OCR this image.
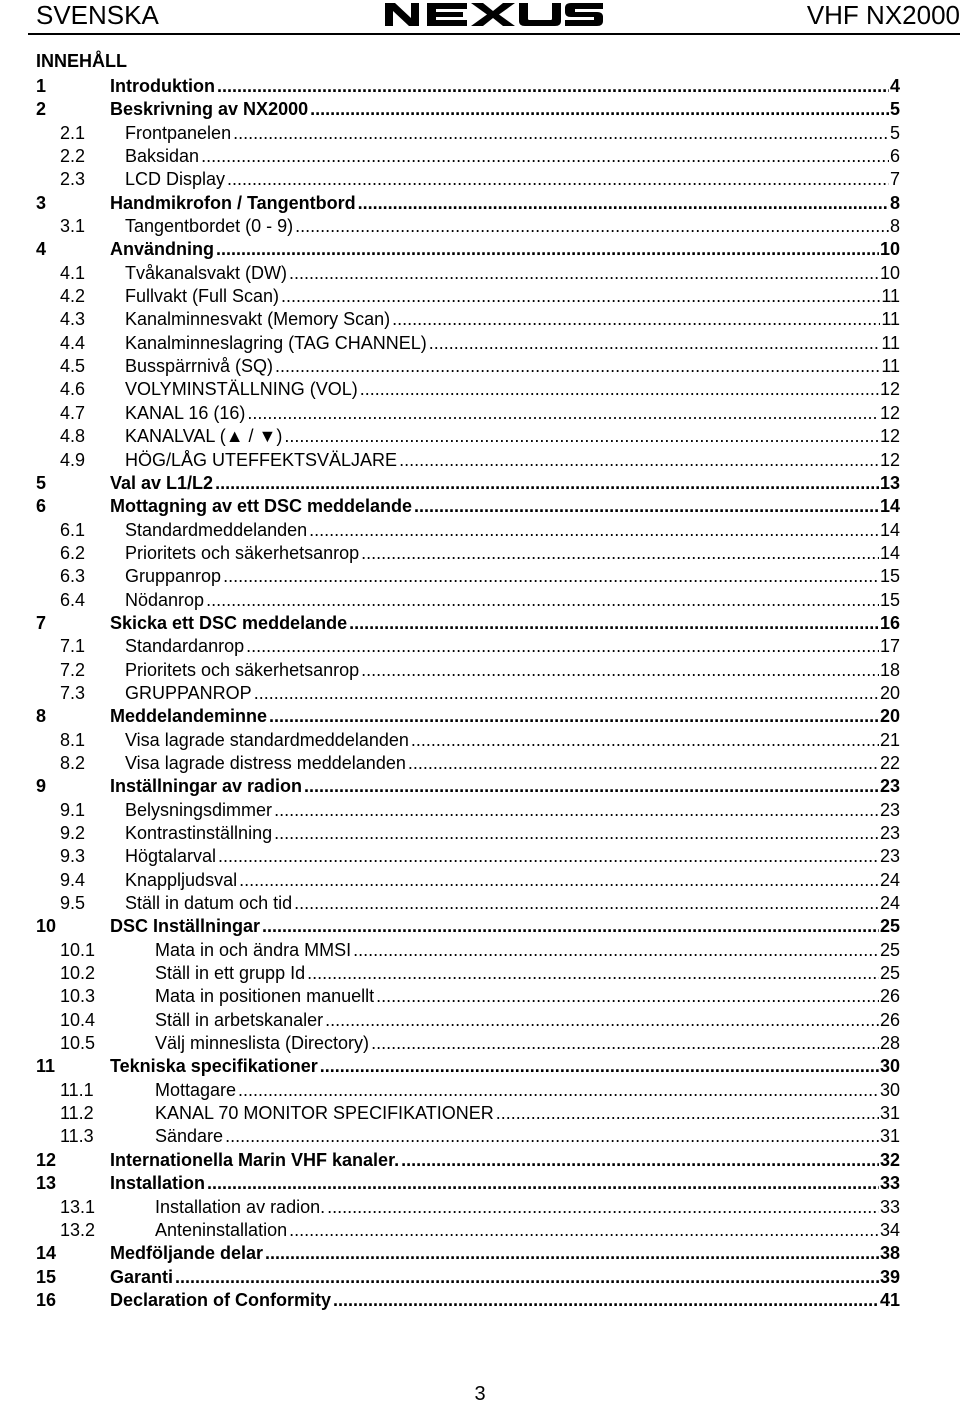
SVENSKA	VHF NX2000
INNEHÅLL
1	Introduktion .....	4
2	Beskrivning av NX2000 .....	5
2.1 Frontpanelen .....	5
2.2 Baksidan .....	6
2.3 LCD Display .....	7
3	Handmikrofon / Tangentbord .....	8
3.1 Tangentbordet (0 - 9) .....	8
4	Användning .....	10
4.1 Tvåkanalsvakt (DW) .....	10
4.2 Fullvakt (Full Scan) .....	11
4.3 Kanalminnesvakt (Memory Scan) .....	11
4.4 Kanalminneslagring (TAG CHANNEL) .....	11
4.5 Busspärrnivå (SQ) .....	11
4.6 VOLYMINSTÄLLNING (VOL) .....	12
4.7 KANAL 16 (16) .....	12
4.8 KANALVAL (▲ / ▼) .....	12
4.9 HÖG/LÅG UTEFFEKTSVÄLJARE .....	12
5	Val av L1/L2 .....	13
6	Mottagning av ett DSC meddelande .....	14
6.1 Standardmeddelanden .....	14
6.2 Prioritets och säkerhetsanrop .....	14
6.3 Gruppanrop .....	15
6.4 Nödanrop .....	15
7	Skicka ett DSC meddelande .....	16
7.1 Standardanrop .....	17
7.2 Prioritets och säkerhetsanrop .....	18
7.3 GRUPPANROP .....	20
8	Meddelandeminne .....	20
8.1 Visa lagrade standardmeddelanden .....	21
8.2 Visa lagrade distress meddelanden .....	22
9	Inställningar av radion .....	23
9.1 Belysningsdimmer .....	23
9.2 Kontrastinställning .....	23
9.3 Högtalarval .....	23
9.4 Knappljudsval .....	24
9.5 Ställ in datum och tid .....	24
10	DSC Inställningar .....	25
10.1	Mata in och ändra MMSI .....	25
10.2	Ställ in ett grupp Id .....	25
10.3	Mata in positionen manuellt .....	26
10.4	Ställ in arbetskanaler .....	26
10.5	Välj minneslista (Directory) .....	28
11	Tekniska specifikationer .....	30
11.1	Mottagare .....	30
11.2	KANAL 70 MONITOR SPECIFIKATIONER .....	31
11.3	Sändare .....	31
12	Internationella Marin VHF kanaler. .....	32
13	Installation .....	33
13.1	Installation av radion. .....	33
13.2	Anteninstallation .....	34
14	Medföljande delar .....	38
15	Garanti .....	39
16	Declaration of Conformity .....	41
3
